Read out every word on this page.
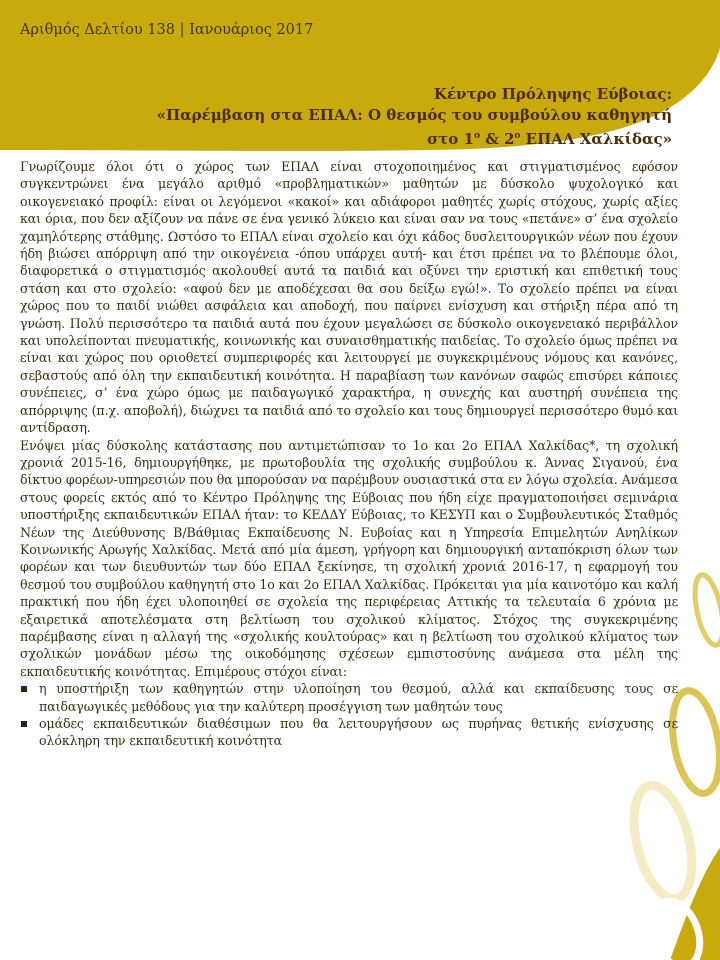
Αριθμός Δελτίου 138 | Ιανουάριος 2017
Κέντρο Πρόληψης Εύβοιας:
«Παρέμβαση στα ΕΠΑΛ: Ο θεσμός του συμβούλου καθηγητή
στο $1^o$ & $2^o$ ΕΠΑΛ Χαλκίδας»

Γνωρίζουμε όλοι ότι ο χώρος των ΕΠΑΛ είναι στοχοποιημένος και στιγματισμένος εφόσον συγκεντρώνει ένα μεγάλο αριθμό «προβληματικών» μαθητών με δύσκολο ψυχολογικό και οικογενειακό προφίλ: είναι οι λεγόμενοι «κακοί» και αδιάφοροι μαθητές χωρίς στόχους, χωρίς αξίες και όρια, που δεν αξίζουν να πάνε σε ένα γενικό λύκειο και είναι σαν να τους «πετάνε» σ’ ένα σχολείο χαμηλότερης στάθμης. Ωστόσο το ΕΠΑΛ είναι σχολείο και όχι κάδος δυσλειτουργικών νέων που έχουν ήδη βιώσει απόρριψη από την οικογένεια -όπου υπάρχει αυτή- και έτσι πρέπει να το βλέπουμε όλοι, διαφορετικά ο στιγματισμός ακολουθεί αυτά τα παιδιά και οξύνει την εριστική και επιθετική τους στάση και στο σχολείο: «αφού δεν με αποδέχεσαι θα σου δείξω εγώ!». Το σχολείο πρέπει να είναι χώρος που το παιδί νιώθει ασφάλεια και αποδοχή, που παίρνει ενίσχυση και στήριξη πέρα από τη γνώση. Πολύ περισσότερο τα παιδιά αυτά που έχουν μεγαλώσει σε δύσκολο οικογενειακό περιβάλλον και υπολείπονται πνευματικής, κοινωνικής και συναισθηματικής παιδείας. Το σχολείο όμως πρέπει να είναι και χώρος που οριοθετεί συμπεριφορές και λειτουργεί με συγκεκριμένους νόμους και κανόνες, σεβαστούς από όλη την εκπαιδευτική κοινότητα. Η παραβίαση των κανόνων σαφώς επισύρει κάποιες συνέπειες, σ’ ένα χώρο όμως με παιδαγωγικό χαρακτήρα, η συνεχής και αυστηρή συνέπεια της απόρριψης (π.χ. αποβολή), διώχνει τα παιδιά από το σχολείο και τους δημιουργεί περισσότερο θυμό και αντίδραση.

Ενόψει μίας δύσκολης κατάστασης που αντιμετώπισαν το 1ο και 2ο ΕΠΑΛ Χαλκίδας*, τη σχολική χρονιά 2015-16, δημιουργήθηκε, με πρωτοβουλία της σχολικής συμβούλου κ. Άννας Σιγανού, ένα δίκτυο φορέων-υπηρεσιών που θα μπορούσαν να παρέμβουν ουσιαστικά στα εν λόγω σχολεία. Ανάμεσα στους φορείς εκτός από το Κέντρο Πρόληψης της Εύβοιας που ήδη είχε πραγματοποιήσει σεμινάρια υποστήριξης εκπαιδευτικών ΕΠΑΛ ήταν: το ΚΕΔΔΥ Εύβοιας, το ΚΕΣΥΠ και ο Συμβουλευτικός Σταθμός Νέων της Διεύθυνσης Β/Βάθμιας Εκπαίδευσης Ν. Ευβοίας και η Υπηρεσία Επιμελητών Ανηλίκων Κοινωνικής Αρωγής Χαλκίδας. Μετά από μία άμεση, γρήγορη και δημιουργική ανταπόκριση όλων των φορέων και των διευθυντών των δύο ΕΠΑΛ ξεκίνησε, τη σχολική χρονιά 2016-17, η εφαρμογή του θεσμού του συμβούλου καθηγητή στο 1ο και 2ο ΕΠΑΛ Χαλκίδας. Πρόκειται για μία καινοτόμο και καλή πρακτική που ήδη έχει υλοποιηθεί σε σχολεία της περιφέρειας Αττικής τα τελευταία 6 χρόνια με εξαιρετικά αποτελέσματα στη βελτίωση του σχολικού κλίματος. Στόχος της συγκεκριμένης παρέμβασης είναι η αλλαγή της «σχολικής κουλτούρας» και η βελτίωση του σχολικού κλίματος των σχολικών μονάδων μέσω της οικοδόμησης σχέσεων εμπιστοσύνης ανάμεσα στα μέλη της εκπαιδευτικής κοινότητας. Επιμέρους στόχοι είναι:

η υποστήριξη των καθηγητών στην υλοποίηση του θεσμού, αλλά και εκπαίδευσης τους σε παιδαγωγικές μεθόδους για την καλύτερη προσέγγιση των μαθητών τους
ομάδες εκπαιδευτικών διαθέσιμων που θα λειτουργήσουν ως πυρήνας θετικής ενίσχυσης σε ολόκληρη την εκπαιδευτική κοινότητα
